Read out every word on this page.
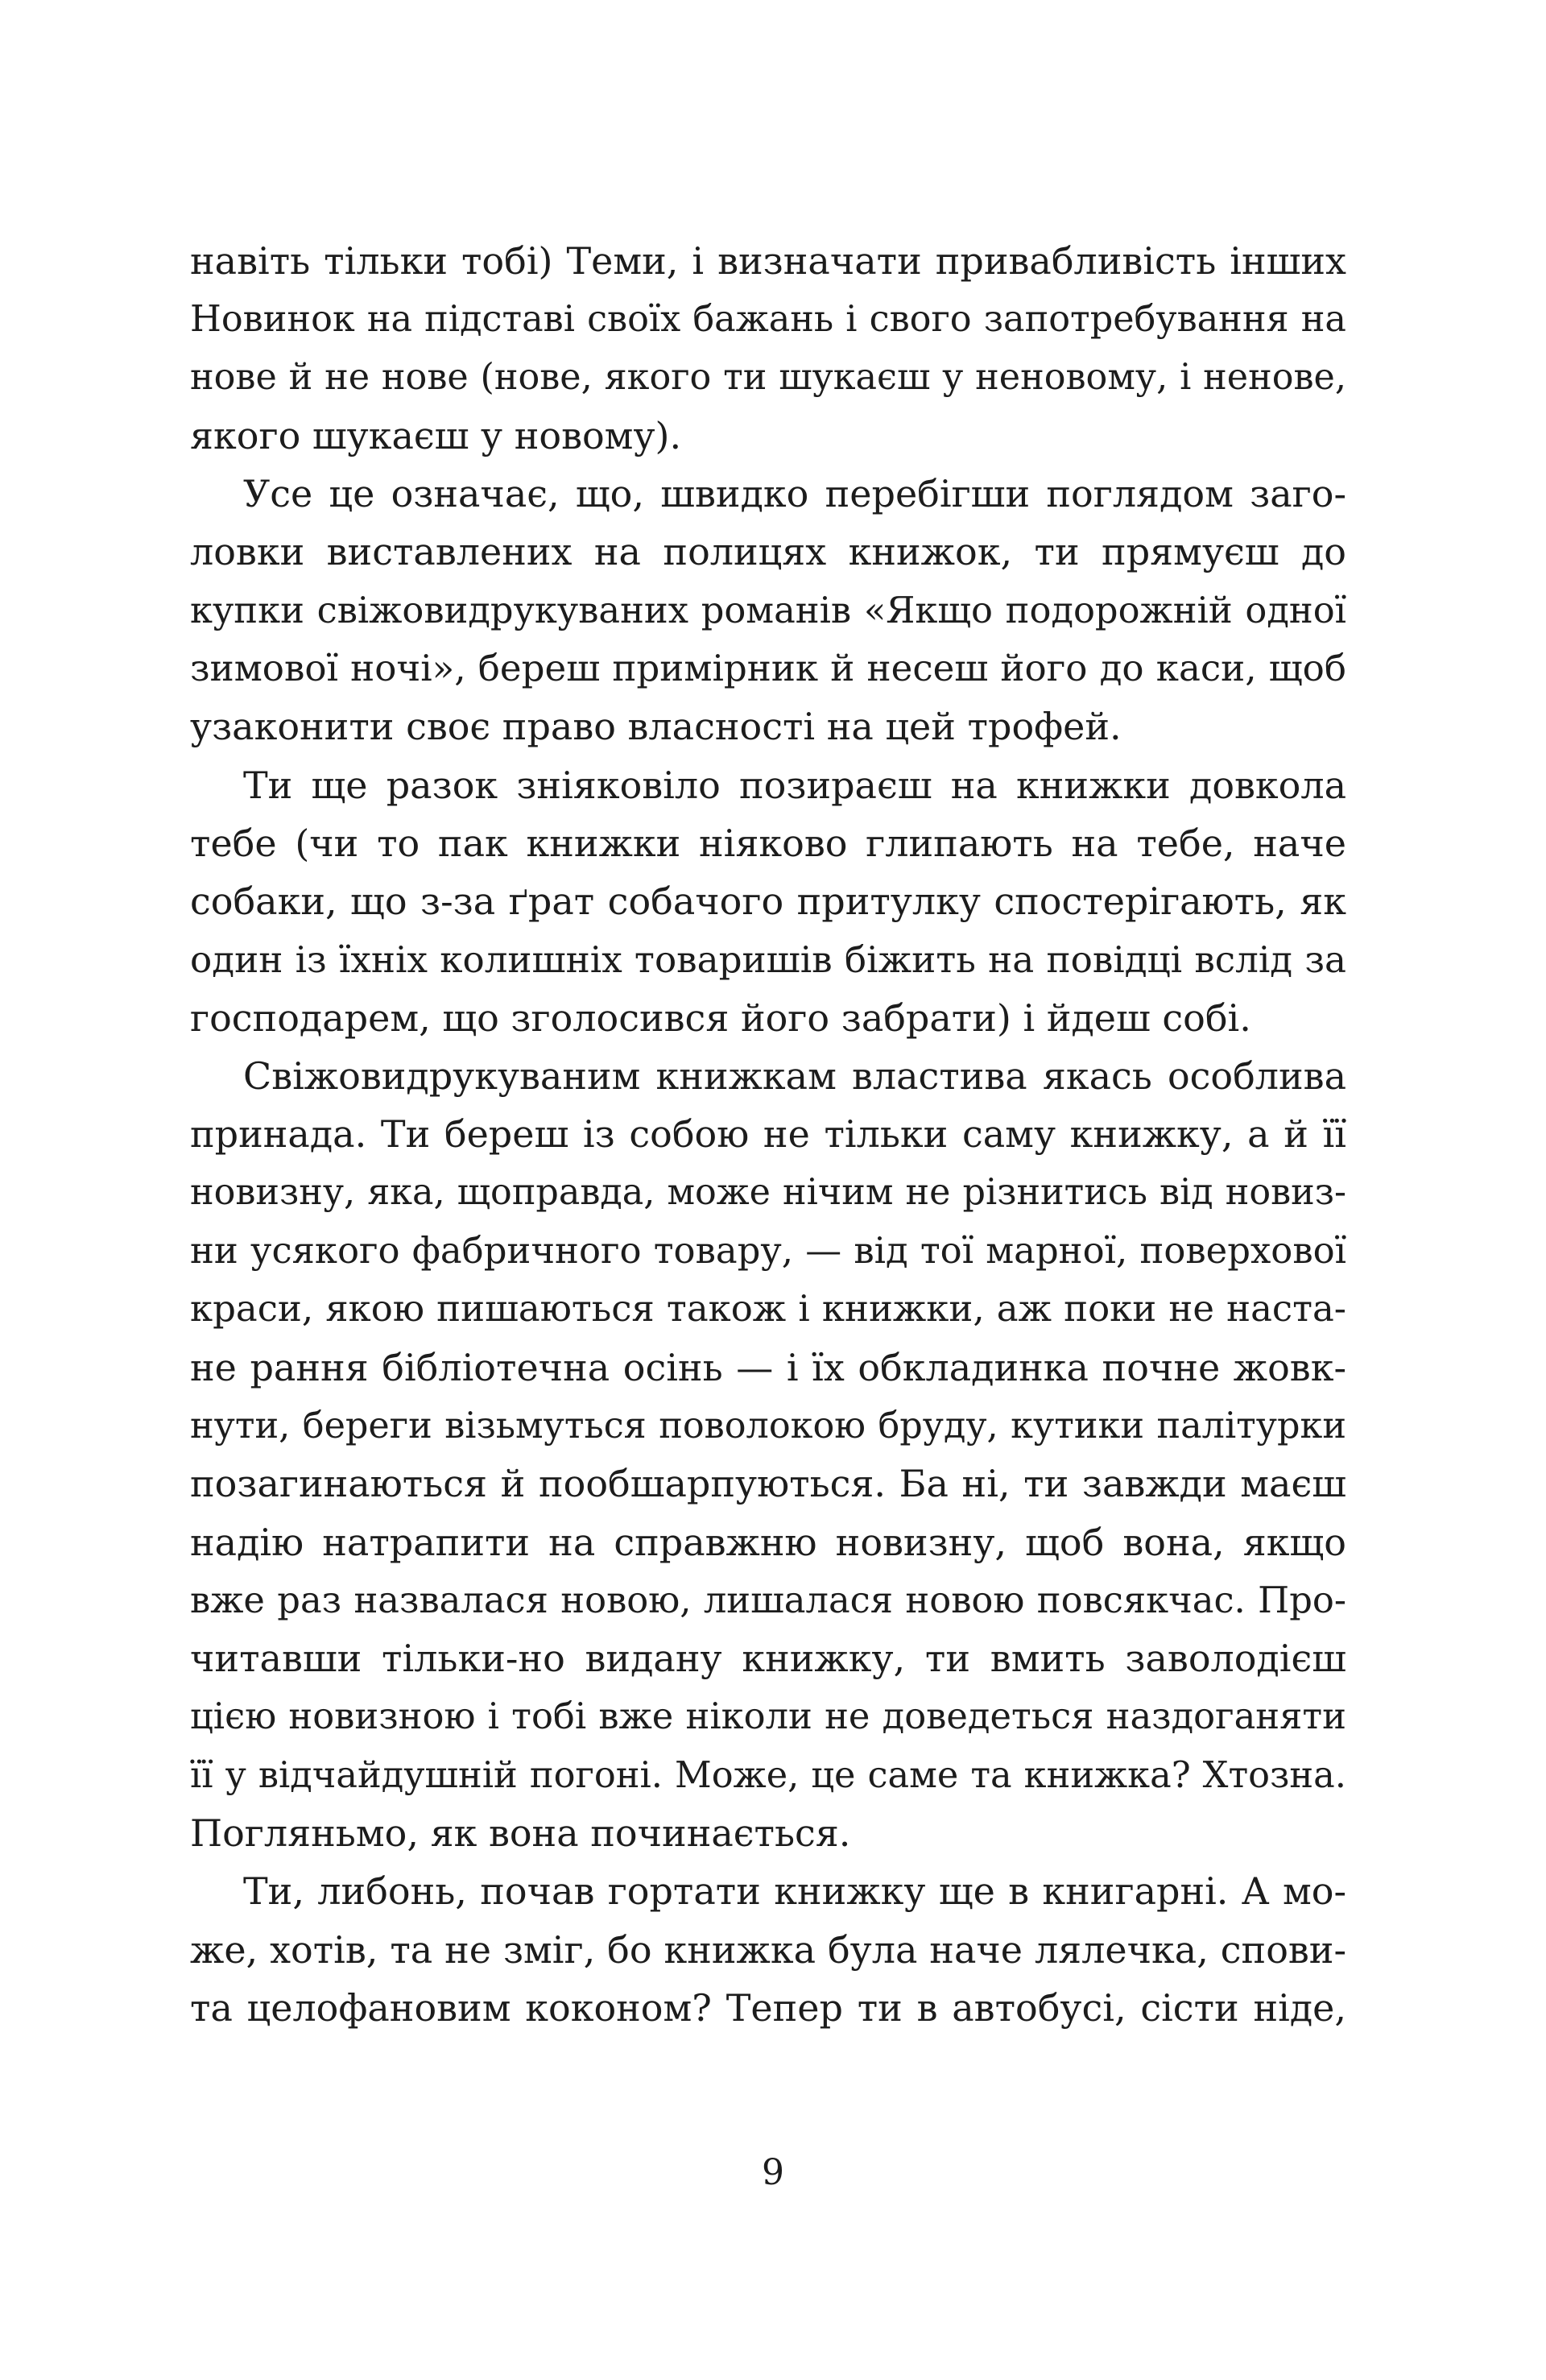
навіть тільки тобі) Теми, і визначати привабливість інших
Новинок на підставі своїх бажань і свого запотребування на
нове й не нове (нове, якого ти шукаєш у неновому, і ненове,
якого шукаєш у новому).

Усе це означає, що, швидко перебігши поглядом заго-
ловки виставлених на полицях книжок, ти прямуєш до
купки свіжовидрукуваних романів «Якщо подорожній одної
зимової ночі», береш примірник й несеш його до каси, щоб
узаконити своє право власності на цей трофей.

Ти ще разок зніяковіло позираєш на книжки довкола
тебе (чи то пак книжки ніяково глипають на тебе, наче
собаки, що з-за ґрат собачого притулку спостерігають, як
один із їхніх колишніх товаришів біжить на повідці вслід за
господарем, що зголосився його забрати) і йдеш собі.

Свіжовидрукуваним книжкам властива якась особлива
принада. Ти береш із собою не тільки саму книжку, а й її
новизну, яка, щоправда, може нічим не різнитись від новиз-
ни усякого фабричного товару, — від тої марної, поверхової
краси, якою пишаються також і книжки, аж поки не наста-
не рання бібліотечна осінь — і їх обкладинка почне жовк-
нути, береги візьмуться поволокою бруду, кутики палітурки
позагинаються й пообшарпуються. Ба ні, ти завжди маєш
надію натрапити на справжню новизну, щоб вона, якщо
вже раз назвалася новою, лишалася новою повсякчас. Про-
читавши тільки-но видану книжку, ти вмить заволодієш
цією новизною і тобі вже ніколи не доведеться наздоганяти
її у відчайдушній погоні. Може, це саме та книжка? Хтозна.
Погляньмо, як вона починається.

Ти, либонь, почав гортати книжку ще в книгарні. А мо-
же, хотів, та не зміг, бо книжка була наче лялечка, спови-
та целофановим коконом? Тепер ти в автобусі, сісти ніде,

9
